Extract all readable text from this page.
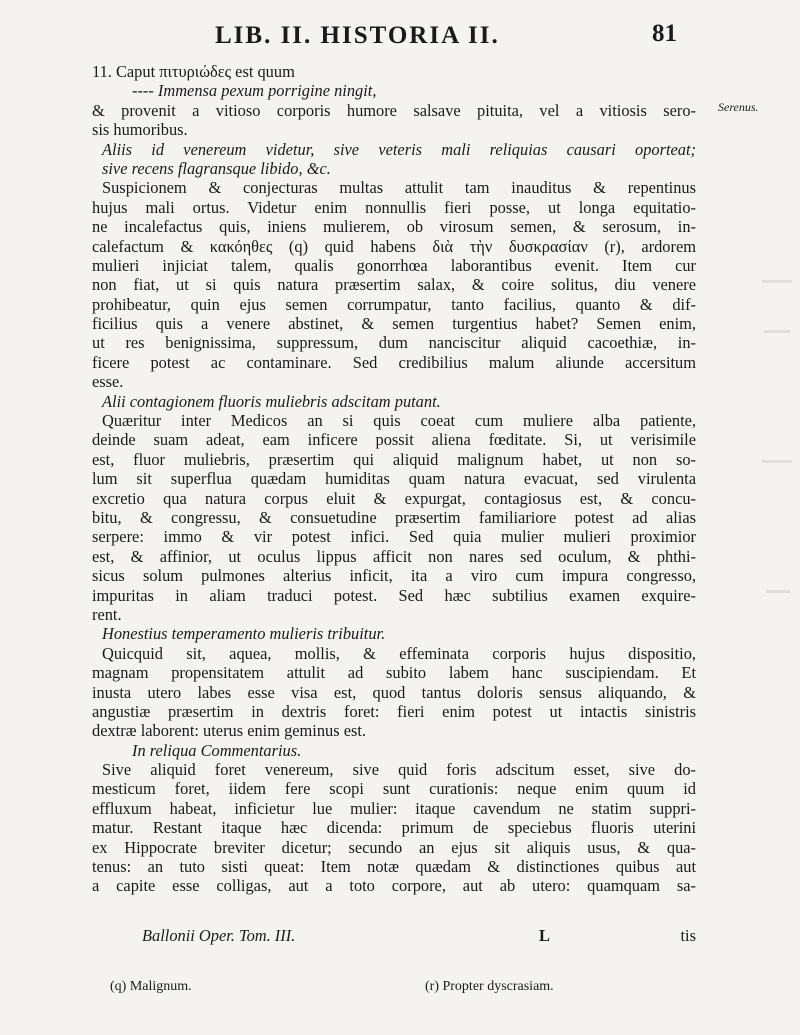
LIB. II. HISTORIA II.	81
Serenus.
11. Caput πιτυριώδες est quum
---- Immensa pexum porrigine ningit,
& provenit a vitioso corporis humore salsave pituita, vel a vitiosis sero-
sis humoribus.
Aliis id venereum videtur, sive veteris mali reliquias causari oporteat;
sive recens flagransque libido, &c.
Suspicionem & conjecturas multas attulit tam inauditus & repentinus
hujus mali ortus. Videtur enim nonnullis fieri posse, ut longa equitatio-
ne incalefactus quis, iniens mulierem, ob virosum semen, & serosum, in-
calefactum & κακόηθες (q) quid habens διὰ τὴν δυσκρασίαν (r), ardorem
mulieri injiciat talem, qualis gonorrhœa laborantibus evenit. Item cur
non fiat, ut si quis natura præsertim salax, & coire solitus, diu venere
prohibeatur, quin ejus semen corrumpatur, tanto facilius, quanto & dif-
ficilius quis a venere abstinet, & semen turgentius habet? Semen enim,
ut res benignissima, suppressum, dum nanciscitur aliquid cacoethiæ, in-
ficere potest ac contaminare. Sed credibilius malum aliunde accersitum
esse.
Alii contagionem fluoris muliebris adscitam putant.
Quæritur inter Medicos an si quis coeat cum muliere alba patiente,
deinde suam adeat, eam inficere possit aliena fœditate. Si, ut verisimile
est, fluor muliebris, præsertim qui aliquid malignum habet, ut non so-
lum sit superflua quædam humiditas quam natura evacuat, sed virulenta
excretio qua natura corpus eluit & expurgat, contagiosus est, & concu-
bitu, & congressu, & consuetudine præsertim familiariore potest ad alias
serpere: immo & vir potest infici. Sed quia mulier mulieri proximior
est, & affinior, ut oculus lippus afficit non nares sed oculum, & phthi-
sicus solum pulmones alterius inficit, ita a viro cum impura congresso,
impuritas in aliam traduci potest. Sed hæc subtilius examen exquire-
rent.
Honestius temperamento mulieris tribuitur.
Quicquid sit, aquea, mollis, & effeminata corporis hujus dispositio,
magnam propensitatem attulit ad subito labem hanc suscipiendam. Et
inusta utero labes esse visa est, quod tantus doloris sensus aliquando, &
angustiæ præsertim in dextris foret: fieri enim potest ut intactis sinistris
dextræ laborent: uterus enim geminus est.
In reliqua Commentarius.
Sive aliquid foret venereum, sive quid foris adscitum esset, sive do-
mesticum foret, iidem fere scopi sunt curationis: neque enim quum id
effluxum habeat, inficietur lue mulier: itaque cavendum ne statim suppri-
matur. Restant itaque hæc dicenda: primum de speciebus fluoris uterini
ex Hippocrate breviter dicetur; secundo an ejus sit aliquis usus, & qua-
tenus: an tuto sisti queat: Item notæ quædam & distinctiones quibus aut
a capite esse colligas, aut a toto corpore, aut ab utero: quamquam sa-
Ballonii Oper. Tom. III.	L	tis
(q) Malignum.	(r) Propter dyscrasiam.
